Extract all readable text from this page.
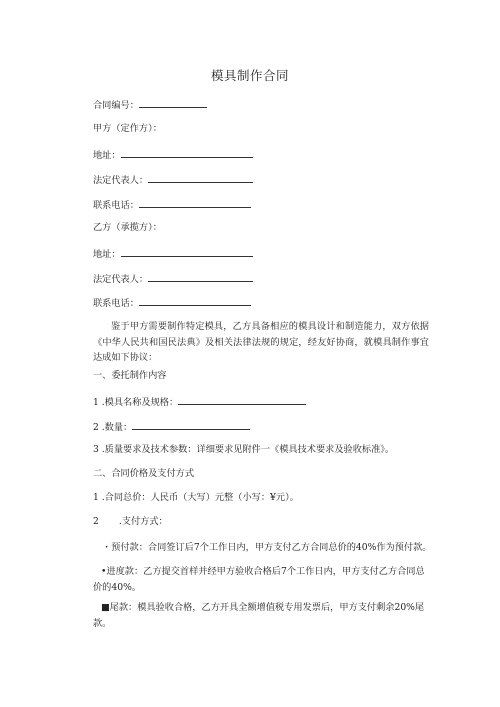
模具制作合同
合同编号：
甲方（定作方）：
地址：
法定代表人：
联系电话：
乙方（承揽方）：
地址：
法定代表人：
联系电话：
鉴于甲方需要制作特定模具，乙方具备相应的模具设计和制造能力，双方依据《中华人民共和国民法典》及相关法律法规的规定，经友好协商，就模具制作事宜达成如下协议：
一、委托制作内容
1 .模具名称及规格：
2 .数量：
3 .质量要求及技术参数：详细要求见附件一《模具技术要求及验收标准》。
二、合同价格及支付方式
1 .合同总价：人民币（大写）元整（小写：¥元）。
2 .支付方式：
・预付款：合同签订后7个工作日内，甲方支付乙方合同总价的40%作为预付款。
•进度款：乙方提交首样并经甲方验收合格后7个工作日内，甲方支付乙方合同总价的40%。
■尾款：模具验收合格，乙方开具全额增值税专用发票后，甲方支付剩余20%尾款。
